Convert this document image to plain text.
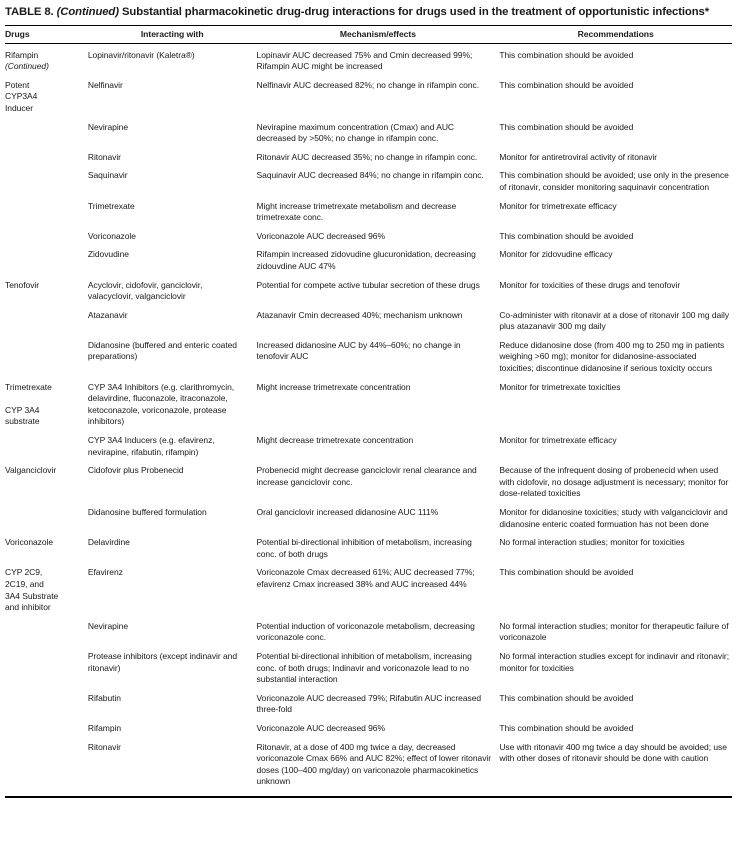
TABLE 8. (Continued) Substantial pharmacokinetic drug-drug interactions for drugs used in the treatment of opportunistic infections*
Drugs	Interacting with	Mechanism/effects	Recommendations

Rifampin
(Continued)	Lopinavir/ritonavir (Kaletra®)	Lopinavir AUC decreased 75% and Cmin decreased 99%; Rifampin AUC might be increased	This combination should be avoided

Potent
CYP3A4
Inducer	Nelfinavir	Nelfinavir AUC decreased 82%; no change in rifampin conc.	This combination should be avoided
	Nevirapine	Nevirapine maximum concentration (Cmax) and AUC decreased by >50%; no change in rifampin conc.	This combination should be avoided
	Ritonavir	Ritonavir AUC decreased 35%; no change in rifampin conc.	Monitor for antiretroviral activity of ritonavir
	Saquinavir	Saquinavir AUC decreased 84%; no change in rifampin conc.	This combination should be avoided; use only in the presence of ritonavir, consider monitoring saquinavir concentration
	Trimetrexate	Might increase trimetrexate metabolism and decrease trimetrexate conc.	Monitor for trimetrexate efficacy
	Voriconazole	Voriconazole AUC decreased 96%	This combination should be avoided
	Zidovudine	Rifampin increased zidovudine glucuronidation, decreasing zidouvdine AUC 47%	Monitor for zidovudine efficacy

Tenofovir	Acyclovir, cidofovir, ganciclovir, valacyclovir, valganciclovir	Potential for compete active tubular secretion of these drugs	Monitor for toxicities of these drugs and tenofovir
	Atazanavir	Atazanavir Cmin decreased 40%; mechanism unknown	Co-administer with ritonavir at a dose of ritonavir 100 mg daily plus atazanavir 300 mg daily
	Didanosine (buffered and enteric coated preparations)	Increased didanosine AUC by 44%–60%; no change in tenofovir AUC	Reduce didanosine dose (from 400 mg to 250 mg in patients weighing >60 mg); monitor for didanosine-associated toxicities; discontinue didanosine if serious toxicity occurs

Trimetrexate
CYP 3A4
substrate	CYP 3A4 Inhibitors (e.g. clarithromycin, delavirdine, fluconazole, itraconazole, ketoconazole, voriconazole, protease inhibitors)	Might increase trimetrexate concentration	Monitor for trimetrexate toxicities
	CYP 3A4 Inducers (e.g. efavirenz, nevirapine, rifabutin, rifampin)	Might decrease trimetrexate concentration	Monitor for trimetrexate efficacy

Valganciclovir	Cidofovir plus Probenecid	Probenecid might decrease ganciclovir renal clearance and increase ganciclovir conc.	Because of the infrequent dosing of probenecid when used with cidofovir, no dosage adjustment is necessary; monitor for dose-related toxicities
	Didanosine buffered formulation	Oral ganciclovir increased didanosine AUC 111%	Monitor for didanosine toxicities; study with valganciclovir and didanosine enteric coated formuation has not been done

Voriconazole	Delavirdine	Potential bi-directional inhibition of metabolism, increasing conc. of both drugs	No formal interaction studies; monitor for toxicities

CYP 2C9,
2C19, and
3A4 Substrate
and inhibitor	Efavirenz	Voriconazole Cmax decreased 61%; AUC decreased 77%; efavirenz Cmax increased 38% and AUC increased 44%	This combination should be avoided
	Nevirapine	Potential induction of voriconazole metabolism, decreasing voriconazole conc.	No formal interaction studies; monitor for therapeutic failure of voriconazole
	Protease inhibitors (except indinavir and ritonavir)	Potential bi-directional inhibition of metabolism, increasing conc. of both drugs; Indinavir and voriconazole lead to no substantial interaction	No formal interaction studies except for indinavir and ritonavir; monitor for toxicities
	Rifabutin	Voriconazole AUC decreased 79%; Rifabutin AUC increased three-fold	This combination should be avoided
	Rifampin	Voriconazole AUC decreased 96%	This combination should be avoided
	Ritonavir	Ritonavir, at a dose of 400 mg twice a day, decreased voriconazole Cmax 66% and AUC 82%; effect of lower ritonavir doses (100–400 mg/day) on variconazole pharmacokinetics unknown	Use with ritonavir 400 mg twice a day should be avoided; use with other doses of ritonavir should be done with caution
